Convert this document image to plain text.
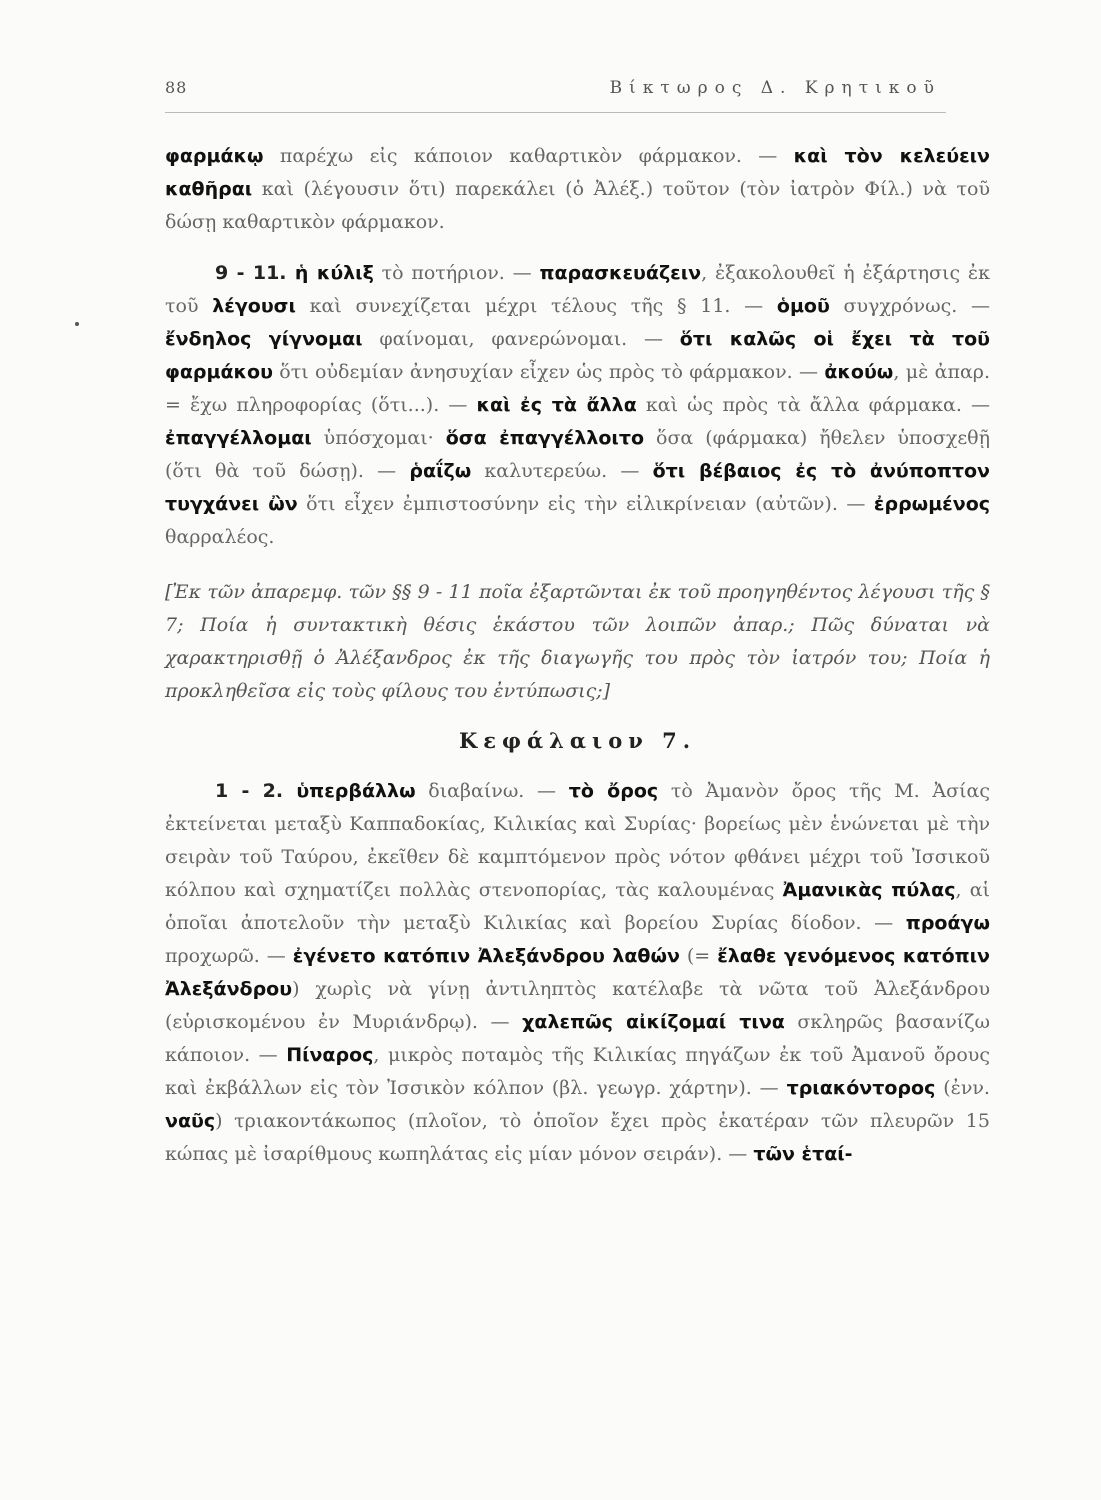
88	Βίκτωρος Δ. Κρητικοῦ

φαρμάκῳ παρέχω εἰς κάποιον καθαρτικὸν φάρμακον. — καὶ τὸν κελεύειν καθῆραι καὶ (λέγουσιν ὅτι) παρεκάλει (ὁ Ἀλέξ.) τοῦτον (τὸν ἰατρὸν Φίλ.) νὰ τοῦ δώσῃ καθαρτικὸν φάρμακον.

9 - 11. ἡ κύλιξ τὸ ποτήριον. — παρασκευάζειν, ἐξακολουθεῖ ἡ ἐξάρτησις ἐκ τοῦ λέγουσι καὶ συνεχίζεται μέχρι τέλους τῆς § 11. — ὁμοῦ συγχρόνως. — ἔνδηλος γίγνομαι φαίνομαι, φανερώνομαι. — ὅτι καλῶς οἱ ἔχει τὰ τοῦ φαρμάκου ὅτι οὐδεμίαν ἀνησυχίαν εἶχεν ὡς πρὸς τὸ φάρμακον. — ἀκούω, μὲ ἀπαρ. = ἔχω πληροφορίας (ὅτι...). — καὶ ἐς τὰ ἄλλα καὶ ὡς πρὸς τὰ ἄλλα φάρμακα. — ἐπαγγέλλομαι ὑπόσχομαι· ὅσα ἐπαγγέλλοιτο ὅσα (φάρμακα) ἤθελεν ὑποσχεθῇ (ὅτι θὰ τοῦ δώσῃ). — ῥαΐζω καλυτερεύω. — ὅτι βέβαιος ἐς τὸ ἀνύποπτον τυγχάνει ὢν ὅτι εἶχεν ἐμπιστοσύνην εἰς τὴν εἰλικρίνειαν (αὐτῶν). — ἐρρωμένος θαρραλέος.

[Ἐκ τῶν ἀπαρεμφ. τῶν §§ 9 - 11 ποῖα ἐξαρτῶνται ἐκ τοῦ προηγηθέντος λέγουσι τῆς § 7; Ποία ἡ συντακτικὴ θέσις ἑκάστου τῶν λοιπῶν ἀπαρ.; Πῶς δύναται νὰ χαρακτηρισθῇ ὁ Ἀλέξανδρος ἐκ τῆς διαγωγῆς του πρὸς τὸν ἰατρόν του; Ποία ἡ προκληθεῖσα εἰς τοὺς φίλους του ἐντύπωσις;]

Κεφάλαιον 7.

1 - 2. ὑπερβάλλω διαβαίνω. — τὸ ὄρος τὸ Ἀμανὸν ὄρος τῆς Μ. Ἀσίας ἐκτείνεται μεταξὺ Καππαδοκίας, Κιλικίας καὶ Συρίας· βορείως μὲν ἑνώνεται μὲ τὴν σειρὰν τοῦ Ταύρου, ἐκεῖθεν δὲ καμπτόμενον πρὸς νότον φθάνει μέχρι τοῦ Ἰσσικοῦ κόλπου καὶ σχηματίζει πολλὰς στενοπορίας, τὰς καλουμένας Ἀμανικὰς πύλας, αἱ ὁποῖαι ἀποτελοῦν τὴν μεταξὺ Κιλικίας καὶ βορείου Συρίας δίοδον. — προάγω προχωρῶ. — ἐγένετο κατόπιν Ἀλεξάνδρου λαθών (= ἔλαθε γενόμενος κατόπιν Ἀλεξάνδρου) χωρὶς νὰ γίνῃ ἀντιληπτὸς κατέλαβε τὰ νῶτα τοῦ Ἀλεξάνδρου (εὑρισκομένου ἐν Μυριάνδρῳ). — χαλεπῶς αἰκίζομαί τινα σκληρῶς βασανίζω κάποιον. — Πίναρος, μικρὸς ποταμὸς τῆς Κιλικίας πηγάζων ἐκ τοῦ Ἀμανοῦ ὄρους καὶ ἐκβάλλων εἰς τὸν Ἰσσικὸν κόλπον (βλ. γεωγρ. χάρτην). — τριακόντορος (ἐνν. ναῦς) τριακοντάκωπος (πλοῖον, τὸ ὁποῖον ἔχει πρὸς ἑκατέραν τῶν πλευρῶν 15 κώπας μὲ ἰσαρίθμους κωπηλάτας εἰς μίαν μόνον σειράν). — τῶν ἑταί-
